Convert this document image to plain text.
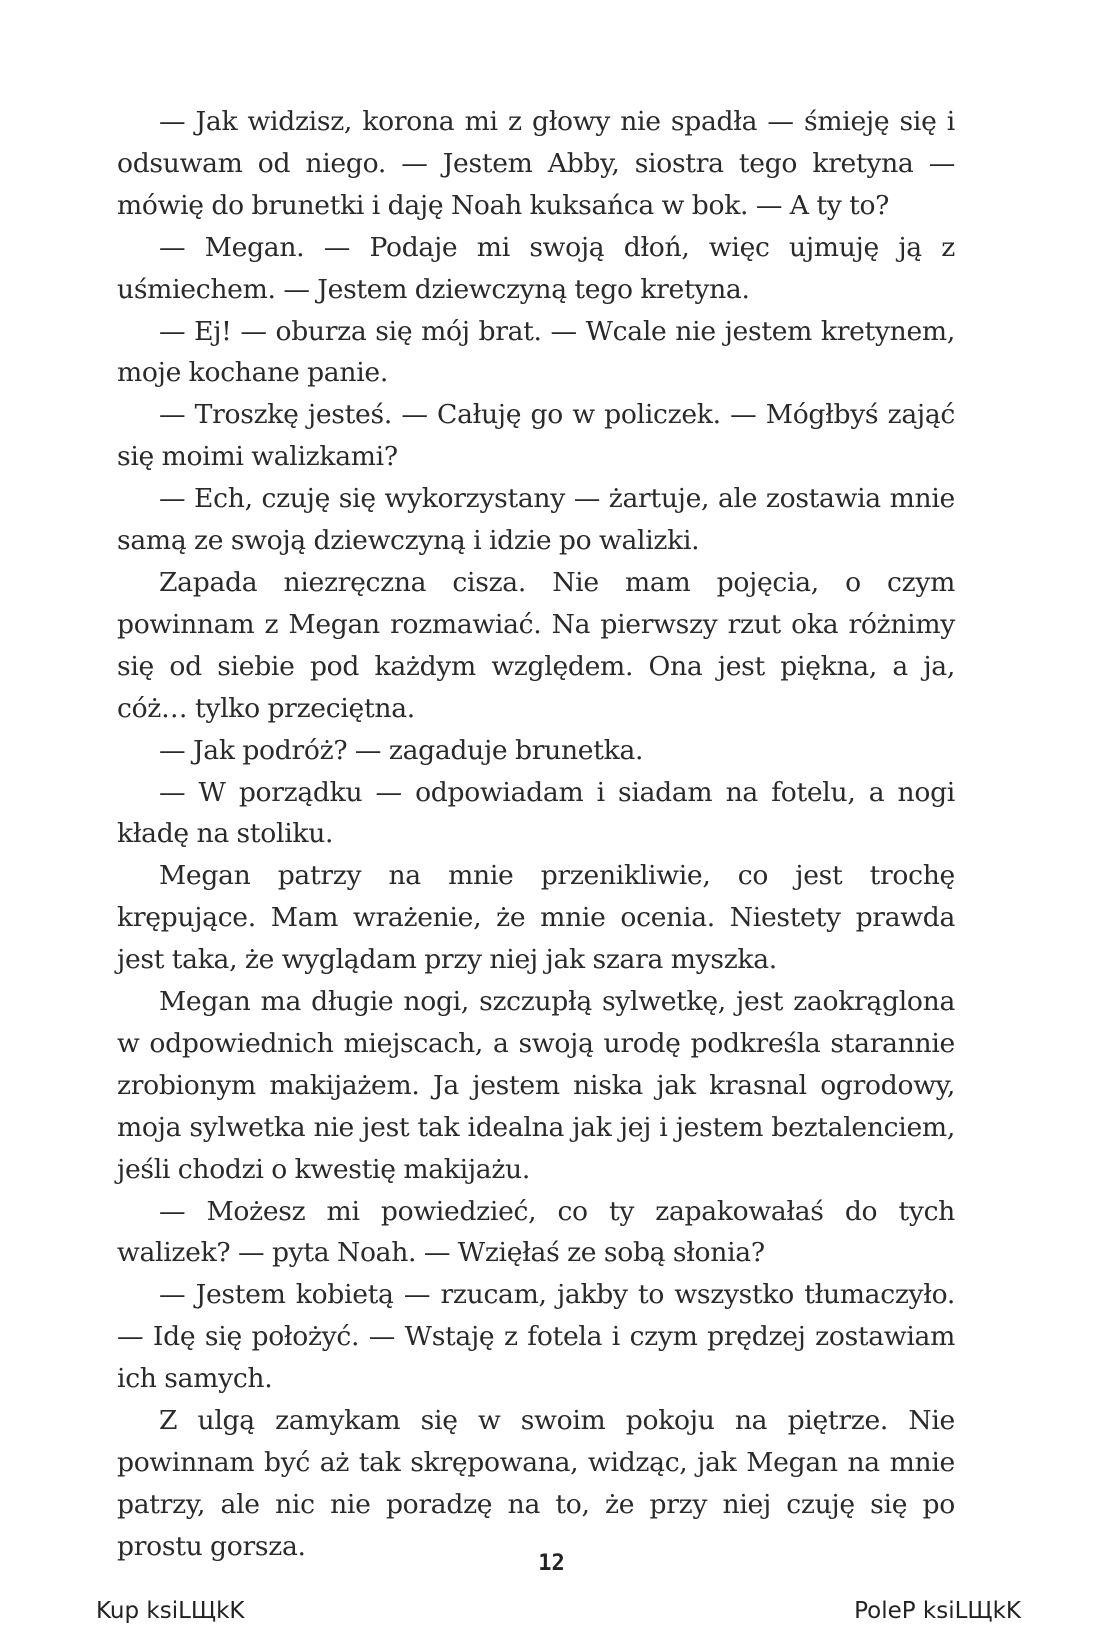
— Jak widzisz, korona mi z głowy nie spadła — śmieję się i odsuwam od niego. — Jestem Abby, siostra tego kretyna — mówię do brunetki i daję Noah kuksańca w bok. — A ty to?

— Megan. — Podaje mi swoją dłoń, więc ujmuję ją z uśmiechem. — Jestem dziewczyną tego kretyna.

— Ej! — oburza się mój brat. — Wcale nie jestem kretynem, moje kochane panie.

— Troszkę jesteś. — Całuję go w policzek. — Mógłbyś zająć się moimi walizkami?

— Ech, czuję się wykorzystany — żartuje, ale zostawia mnie samą ze swoją dziewczyną i idzie po walizki.

Zapada niezręczna cisza. Nie mam pojęcia, o czym powinnam z Megan rozmawiać. Na pierwszy rzut oka różnimy się od siebie pod każdym względem. Ona jest piękna, a ja, cóż… tylko przeciętna.

— Jak podróż? — zagaduje brunetka.

— W porządku — odpowiadam i siadam na fotelu, a nogi kładę na stoliku.

Megan patrzy na mnie przenikliwie, co jest trochę krępujące. Mam wrażenie, że mnie ocenia. Niestety prawda jest taka, że wyglądam przy niej jak szara myszka.

Megan ma długie nogi, szczupłą sylwetkę, jest zaokrąglona w odpowiednich miejscach, a swoją urodę podkreśla starannie zrobionym makijażem. Ja jestem niska jak krasnal ogrodowy, moja sylwetka nie jest tak idealna jak jej i jestem beztalenciem, jeśli chodzi o kwestię makijażu.

— Możesz mi powiedzieć, co ty zapakowałaś do tych walizek? — pyta Noah. — Wzięłaś ze sobą słonia?

— Jestem kobietą — rzucam, jakby to wszystko tłumaczyło. — Idę się położyć. — Wstaję z fotela i czym prędzej zostawiam ich samych.

Z ulgą zamykam się w swoim pokoju na piętrze. Nie powinnam być aż tak skrępowana, widząc, jak Megan na mnie patrzy, ale nic nie poradzę na to, że przy niej czuję się po prostu gorsza.

12
Kup ksiLЩkK	PoleP ksiLЩkK
